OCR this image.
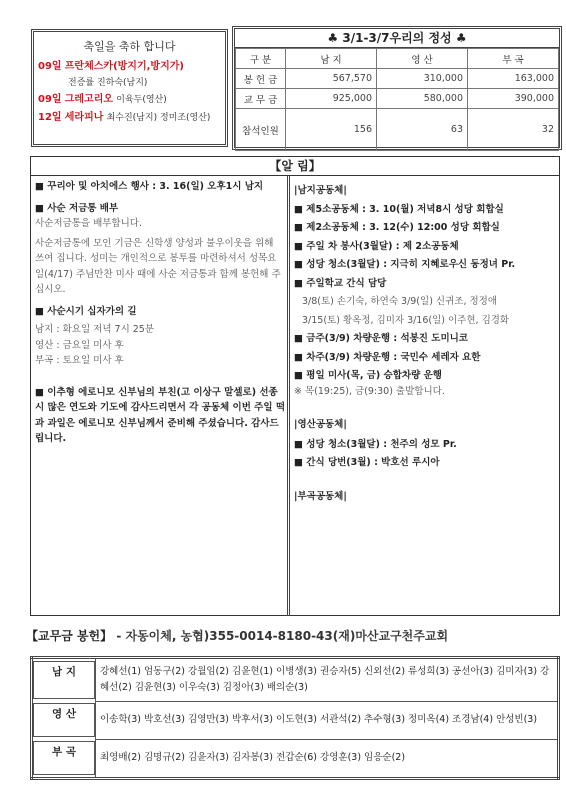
축일을 축하 합니다
09일 프란체스카(방지기,방지가)
전증률 진하숙(남지)
09일 그레고리오 이육두(영산)
12일 세라피나 최수진(남지) 정미조(영산)
♣ 3/1-3/7우리의 정성 ♣
구 분	남 지	영 산	부 곡
봉 헌 금	567,570	310,000	163,000
교 무 금	925,000	580,000	390,000
참석인원	156	63	32
【알 림】

■ 꾸리아 및 아치에스 행사 : 3. 16(일) 오후1시 남지

■ 사순 저금통 배부

사순저금통을 배부합니다.

사순저금통에 모인 기금은 신학생 양성과 불우이웃을 위해 쓰여 집니다. 성미는 개인적으로 봉투를 마련하셔서 성목요일(4/17) 주님만찬 미사 때에 사순 저금통과 함께 봉헌해 주십시오.

■ 사순시기 십자가의 길

남지 : 화요일 저녁 7시 25분

영산 : 금요일 미사 후

부곡 : 토요일 미사 후

■ 이추형 에로니모 신부님의 부친(고 이상구 말셀로) 선종시 많은 연도와 기도에 감사드리면서 각 공동체 이번 주일 떡과 과일은 에로니모 신부님께서 준비해 주셨습니다. 감사드립니다.

|남지공동체|

■ 제5소공동체 : 3. 10(월) 저녁8시 성당 회합실

■ 제2소공동체 : 3. 12(수) 12:00 성당 회합실

■ 주일 차 봉사(3월달) : 제 2소공동체

■ 성당 청소(3월달) : 지극히 지혜로우신 동정녀 Pr.

■ 주일학교 간식 담당

3/8(토) 손기숙, 하연숙 3/9(일) 신귀조, 정정애

3/15(토) 황옥정, 김미자 3/16(일) 이주현, 김경화

■ 금주(3/9) 차량운행 : 석봉진 도미니코

■ 차주(3/9) 차량운행 : 국민수 세레자 요한

■ 평일 미사(목, 금) 승합차량 운행

※ 목(19:25), 금(9:30) 출발합니다.

|영산공동체|

■ 성당 청소(3월달) : 천주의 성모 Pr.

■ 간식 당번(3월) : 박호선 루시아

|부곡공동체|

【교무금 봉헌】 - 자동이체, 농협)355-0014-8180-43(재)마산교구천주교회
남 지	강혜선(1) 엄동구(2) 강월임(2) 김윤현(1) 이병생(3) 권승자(5) 신외선(2) 류성희(3) 공선아(3) 김미자(3) 강혜선(2) 김윤현(3) 이우숙(3) 김정아(3) 배의순(3)
영 산	이송학(3) 박호선(3) 김영만(3) 박후서(3) 이도현(3) 서관석(2) 추수형(3) 정미옥(4) 조경남(4) 안성빈(3)
부 곡	최영배(2) 김명규(2) 김윤자(3) 김자봉(3) 전갑순(6) 강영훈(3) 임응순(2)
